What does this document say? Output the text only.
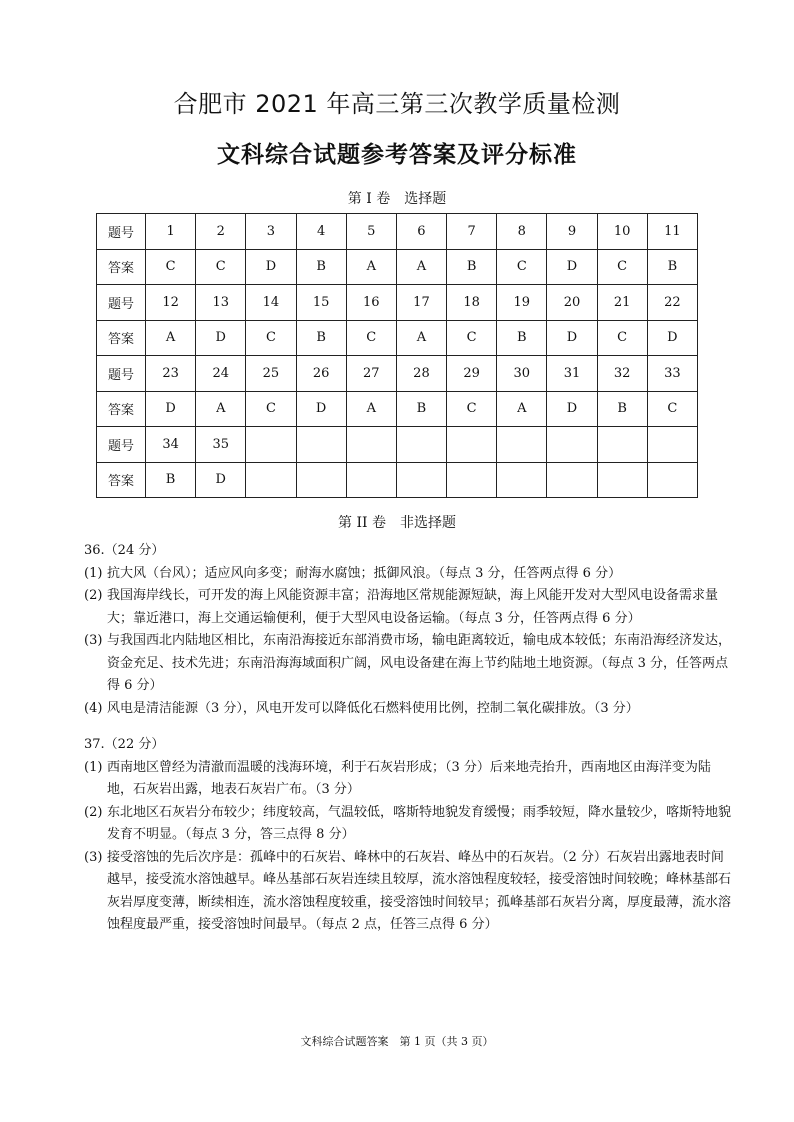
合肥市 2021 年高三第三次教学质量检测
文科综合试题参考答案及评分标准
第 I 卷　选择题
题号	1	2	3	4	5	6	7	8	9	10	11
答案	C	C	D	B	A	A	B	C	D	C	B
题号	12	13	14	15	16	17	18	19	20	21	22
答案	A	D	C	B	C	A	C	B	D	C	D
题号	23	24	25	26	27	28	29	30	31	32	33
答案	D	A	C	D	A	B	C	A	D	B	C
题号	34	35									
答案	B	D									
第 II 卷　非选择题
36.（24 分）
(1) 抗大风（台风）；适应风向多变；耐海水腐蚀；抵御风浪。（每点 3 分，任答两点得 6 分）
(2) 我国海岸线长，可开发的海上风能资源丰富；沿海地区常规能源短缺，海上风能开发对大型风电设备需求量大；靠近港口，海上交通运输便利，便于大型风电设备运输。（每点 3 分，任答两点得 6 分）
(3) 与我国西北内陆地区相比，东南沿海接近东部消费市场，输电距离较近，输电成本较低；东南沿海经济发达，资金充足、技术先进；东南沿海海域面积广阔，风电设备建在海上节约陆地土地资源。（每点 3 分，任答两点得 6 分）
(4) 风电是清洁能源（3 分），风电开发可以降低化石燃料使用比例，控制二氧化碳排放。（3 分）
37.（22 分）
(1) 西南地区曾经为清澈而温暖的浅海环境，利于石灰岩形成；（3 分）后来地壳抬升，西南地区由海洋变为陆地，石灰岩出露，地表石灰岩广布。（3 分）
(2) 东北地区石灰岩分布较少；纬度较高，气温较低，喀斯特地貌发育缓慢；雨季较短，降水量较少，喀斯特地貌发育不明显。（每点 3 分，答三点得 8 分）
(3) 接受溶蚀的先后次序是：孤峰中的石灰岩、峰林中的石灰岩、峰丛中的石灰岩。（2 分）石灰岩出露地表时间越早，接受流水溶蚀越早。峰丛基部石灰岩连续且较厚，流水溶蚀程度较轻，接受溶蚀时间较晚；峰林基部石灰岩厚度变薄，断续相连，流水溶蚀程度较重，接受溶蚀时间较早；孤峰基部石灰岩分离，厚度最薄，流水溶蚀程度最严重，接受溶蚀时间最早。（每点 2 点，任答三点得 6 分）
文科综合试题答案　第 1 页（共 3 页）
